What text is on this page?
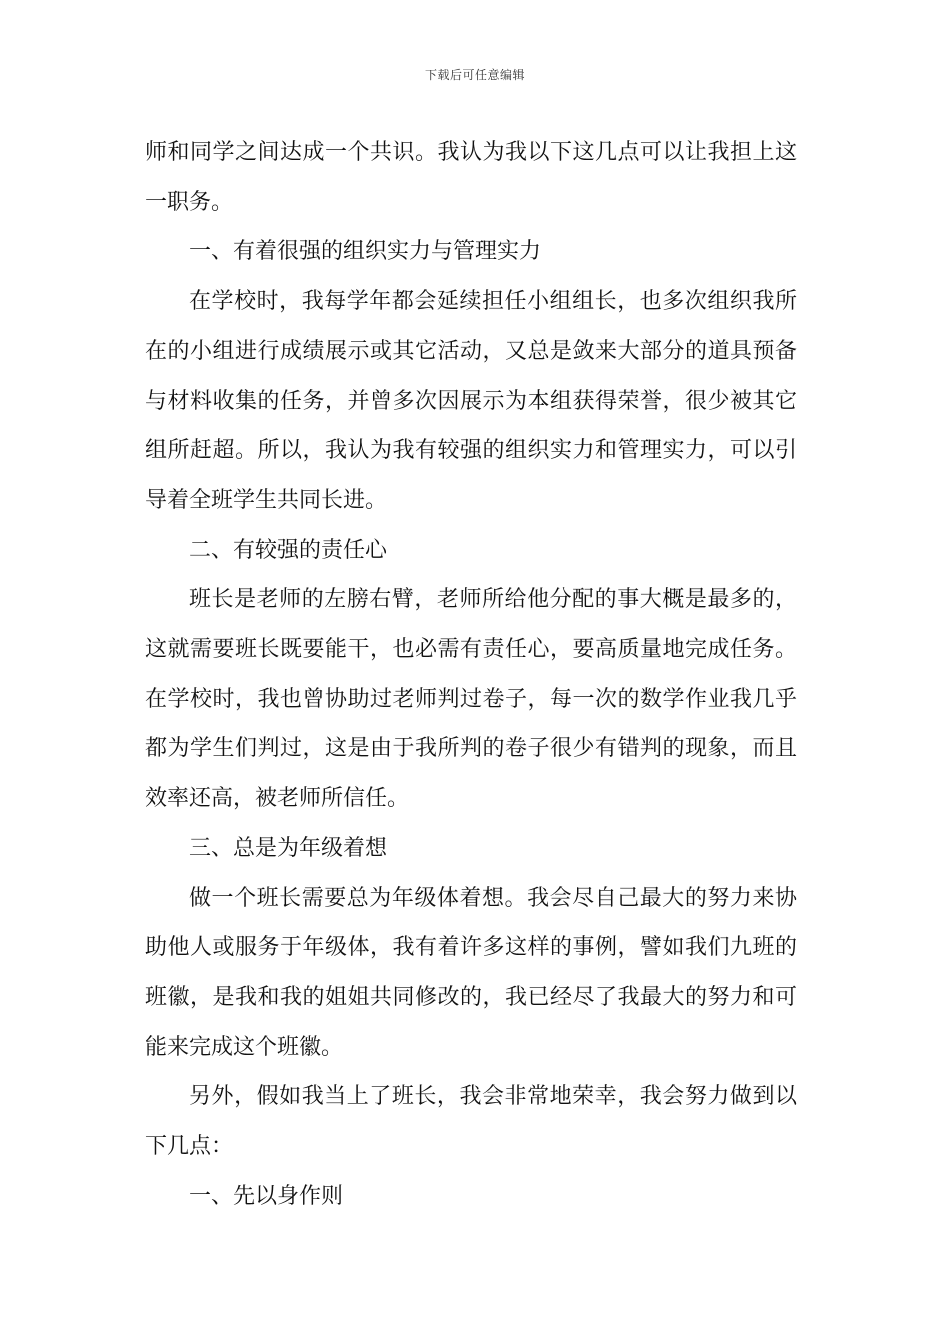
下载后可任意编辑

师和同学之间达成一个共识。我认为我以下这几点可以让我担上这一职务。

一、有着很强的组织实力与管理实力

在学校时，我每学年都会延续担任小组组长，也多次组织我所在的小组进行成绩展示或其它活动，又总是敛来大部分的道具预备与材料收集的任务，并曾多次因展示为本组获得荣誉，很少被其它组所赶超。所以，我认为我有较强的组织实力和管理实力，可以引导着全班学生共同长进。

二、有较强的责任心

班长是老师的左膀右臂，老师所给他分配的事大概是最多的，这就需要班长既要能干，也必需有责任心，要高质量地完成任务。在学校时，我也曾协助过老师判过卷子，每一次的数学作业我几乎都为学生们判过，这是由于我所判的卷子很少有错判的现象，而且效率还高，被老师所信任。

三、总是为年级着想

做一个班长需要总为年级体着想。我会尽自己最大的努力来协助他人或服务于年级体，我有着许多这样的事例，譬如我们九班的班徽，是我和我的姐姐共同修改的，我已经尽了我最大的努力和可能来完成这个班徽。

另外，假如我当上了班长，我会非常地荣幸，我会努力做到以下几点：

一、先以身作则
